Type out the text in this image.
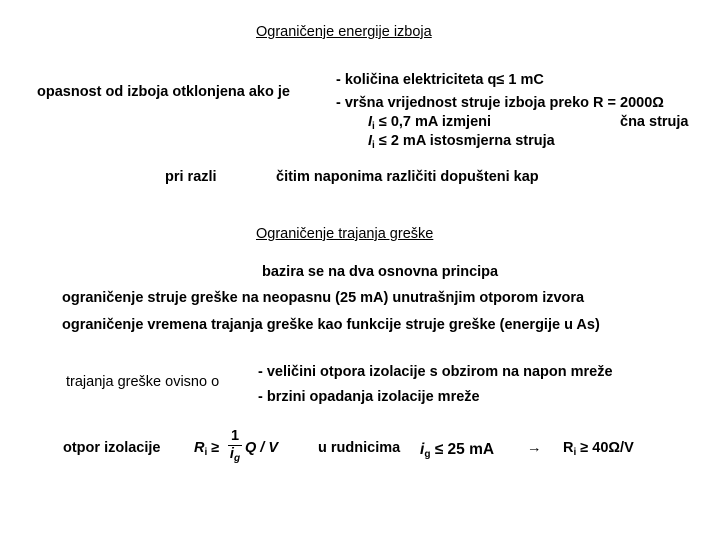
Ograničenje energije izboja
opasnost od izboja otklonjena ako je
- količina elektriciteta q≤ 1 mC
- vršna vrijednost struje izboja preko R = 2000Ω
$I_i \le 0,7$ mA izmjeni	čna struja
$I_i \le 2$ mA istosmjerna struja
pri razli	čitim naponima različiti dopušteni kap
Ograničenje trajanja greške
bazira se na dva osnovna principa
ograničenje struje greške na neopasnu (25 mA) unutrašnjim otporom izvora
ograničenje vremena trajanja greške kao funkcije struje greške (energije u As)
trajanja greške ovisno o
- veličini otpora izolacije s obzirom na napon mreže
- brzini opadanja izolacije mreže
otpor izolacije $R_i$ ≥
1
$i_g$
Q / V	u rudnicima ig ≤ 25 mA → $R_i \ge 40\Omega/V$
